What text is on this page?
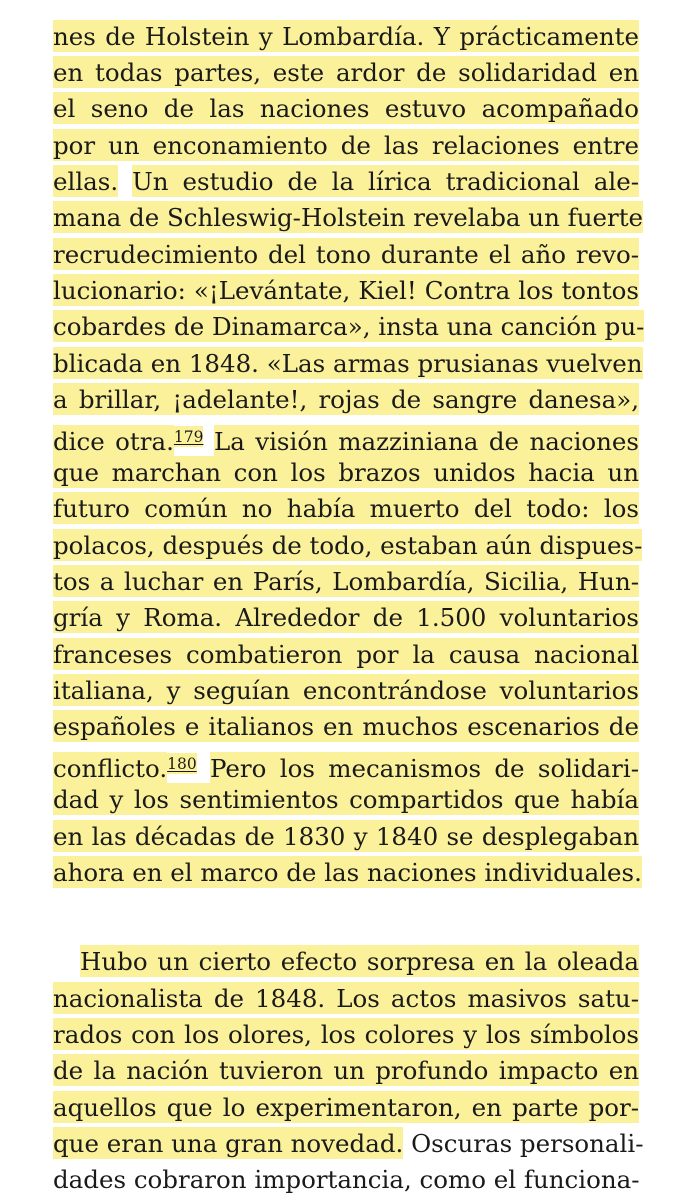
nes de Holstein y Lombardía. Y prácticamente
en todas partes, este ardor de solidaridad en
el seno de las naciones estuvo acompañado
por un enconamiento de las relaciones entre
ellas. Un estudio de la lírica tradicional ale-
mana de Schleswig-Holstein revelaba un fuerte
recrudecimiento del tono durante el año revo-
lucionario: «¡Levántate, Kiel! Contra los tontos
cobardes de Dinamarca», insta una canción pu-
blicada en 1848. «Las armas prusianas vuelven
a brillar, ¡adelante!, rojas de sangre danesa»,
dice otra.$^{179}$ La visión mazziniana de naciones
que marchan con los brazos unidos hacia un
futuro común no había muerto del todo: los
polacos, después de todo, estaban aún dispues-
tos a luchar en París, Lombardía, Sicilia, Hun-
gría y Roma. Alrededor de 1.500 voluntarios
franceses combatieron por la causa nacional
italiana, y seguían encontrándose voluntarios
españoles e italianos en muchos escenarios de
conflicto.$^{180}$ Pero los mecanismos de solidari-
dad y los sentimientos compartidos que había
en las décadas de 1830 y 1840 se desplegaban
ahora en el marco de las naciones individuales.
Hubo un cierto efecto sorpresa en la oleada
nacionalista de 1848. Los actos masivos satu-
rados con los olores, los colores y los símbolos
de la nación tuvieron un profundo impacto en
aquellos que lo experimentaron, en parte por-
que eran una gran novedad. Oscuras personali-
dades cobraron importancia, como el funciona-
